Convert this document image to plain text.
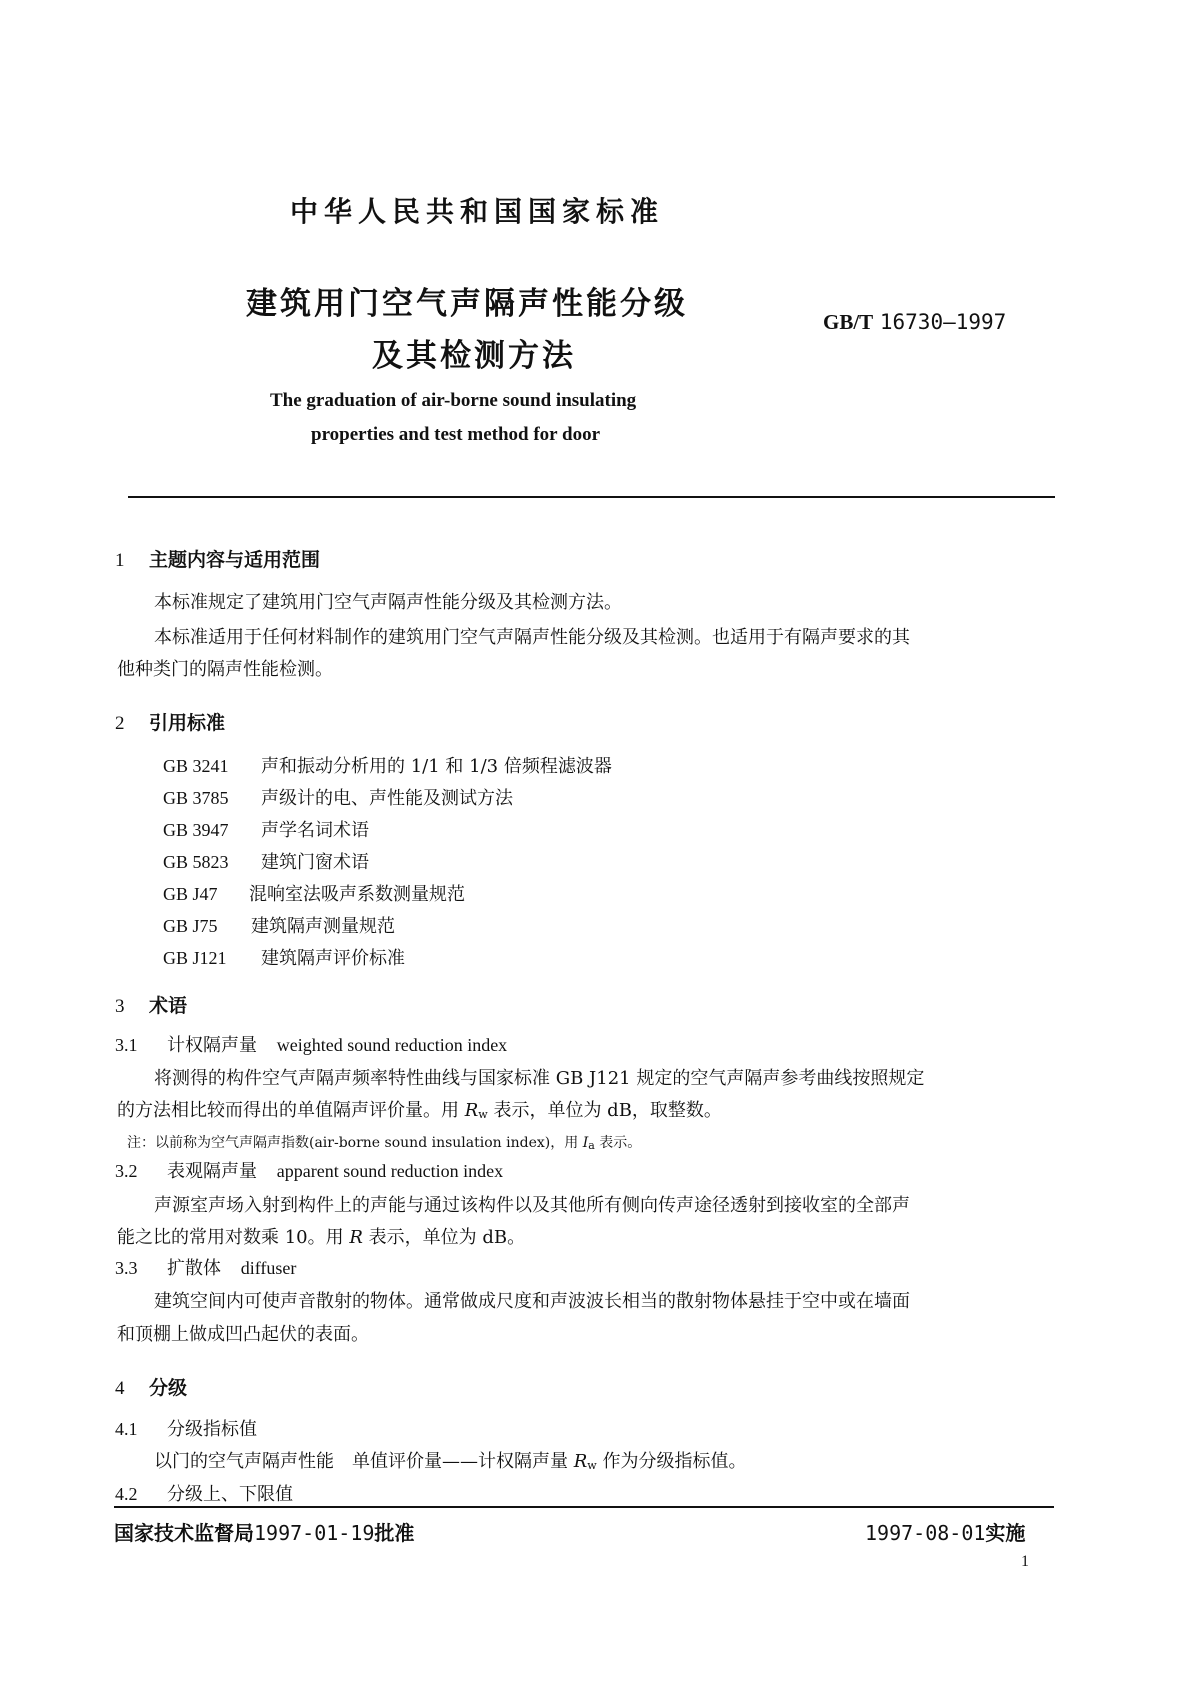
中华人民共和国国家标准
建筑用门空气声隔声性能分级
及其检测方法
GB/T 16730—1997
The graduation of air-borne sound insulating
properties and test method for door
1 主题内容与适用范围
本标准规定了建筑用门空气声隔声性能分级及其检测方法。
本标准适用于任何材料制作的建筑用门空气声隔声性能分级及其检测。也适用于有隔声要求的其
他种类门的隔声性能检测。
2 引用标准
GB 3241 声和振动分析用的 1/1 和 1/3 倍频程滤波器
GB 3785 声级计的电、声性能及测试方法
GB 3947 声学名词术语
GB 5823 建筑门窗术语
GB J47 混响室法吸声系数测量规范
GB J75 建筑隔声测量规范
GB J121 建筑隔声评价标准
3 术语
3.1 计权隔声量 weighted sound reduction index
将测得的构件空气声隔声频率特性曲线与国家标准 GB J121 规定的空气声隔声参考曲线按照规定
的方法相比较而得出的单值隔声评价量。用 $R_w$ 表示，单位为 dB，取整数。
注：以前称为空气声隔声指数(air-borne sound insulation index)，用 $I_a$ 表示。
3.2 表观隔声量 apparent sound reduction index
声源室声场入射到构件上的声能与通过该构件以及其他所有侧向传声途径透射到接收室的全部声
能之比的常用对数乘 10。用 R 表示，单位为 dB。
3.3 扩散体 diffuser
建筑空间内可使声音散射的物体。通常做成尺度和声波波长相当的散射物体悬挂于空中或在墙面
和顶棚上做成凹凸起伏的表面。
4 分级
4.1 分级指标值
以门的空气声隔声性能　单值评价量——计权隔声量 $R_w$ 作为分级指标值。
4.2 分级上、下限值
国家技术监督局1997-01-19批准	1997-08-01实施
1
